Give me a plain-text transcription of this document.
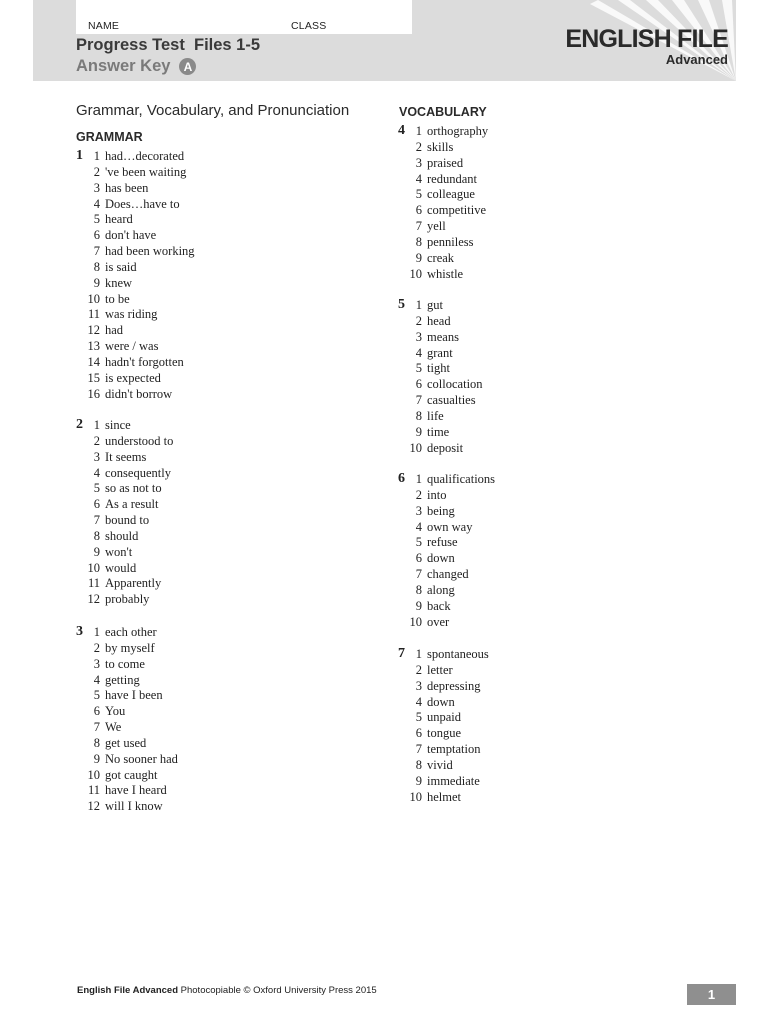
NAME	CLASS
Progress Test  Files 1-5
Answer Key	A
ENGLISH FILE
Advanced
Grammar, Vocabulary, and Pronunciation
GRAMMAR
VOCABULARY
1 1 had…decorated
2 've been waiting
3 has been
4 Does…have to
5 heard
6 don't have
7 had been working
8 is said
9 knew
10 to be
11 was riding
12 had
13 were / was
14 hadn't forgotten
15 is expected
16 didn't borrow
2 1 since
2 understood to
3 It seems
4 consequently
5 so as not to
6 As a result
7 bound to
8 should
9 won't
10 would
11 Apparently
12 probably
3 1 each other
2 by myself
3 to come
4 getting
5 have I been
6 You
7 We
8 get used
9 No sooner had
10 got caught
11 have I heard
12 will I know
4 1 orthography
2 skills
3 praised
4 redundant
5 colleague
6 competitive
7 yell
8 penniless
9 creak
10 whistle
5 1 gut
2 head
3 means
4 grant
5 tight
6 collocation
7 casualties
8 life
9 time
10 deposit
6 1 qualifications
2 into
3 being
4 own way
5 refuse
6 down
7 changed
8 along
9 back
10 over
7 1 spontaneous
2 letter
3 depressing
4 down
5 unpaid
6 tongue
7 temptation
8 vivid
9 immediate
10 helmet
English File Advanced Photocopiable © Oxford University Press 2015	1
